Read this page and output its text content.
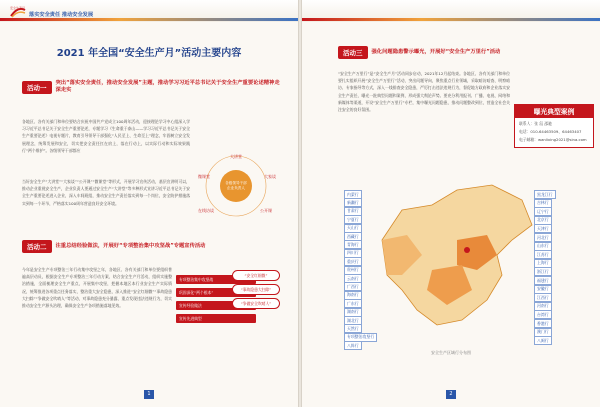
安全生产月
落实安全责任 推动安全发展
2021 年全国“安全生产月”活动主要内容
活动一
突出“落实安全责任，推动安全发展”主题，推动学习习近平总书记关于安全生产重要论述精神走深走实
各地区、各有关部门和单位要结合庆祝中国共产党成立100周年活动，迎接理论学习中心组深入学习习近平总书记关于安全生产重要论述，专题学习《生命重于泰山——学习习近平总书记关于安全生产重要论述》电视专题片，教育引导领导干部强化“人民至上、生命至上”理念，牢固树立安全发展理念，统筹发展和安全，切实把安全责任扛在肩上，落在行动上，以实际行动和实际效果践行“两个维护”。各级领导干部都应
当好安全生产“大讲堂”“大家谈”“公开课”“微课堂”等形式，开展学习宣传活动，基层宣讲明可以，推动企业重视安全生产，企业负责人要通过安全生产“大讲堂”等多种形式宣讲习近平总书记关于安全生产重要论述进入企业，深入车间班组，推动安全生产责任落实到每一个岗位，安全防护措施落实到每一个环节，严格落实100周年营造良好安全环境。
各级领导干部
企业负责人
大讲堂
大家谈
公开课
在线访谈
微课堂
活动二	注重总结经验做法，开展好“专项整治集中攻坚战”专题宣传活动
今年是安全生产专项整治三年行动集中攻坚之年，各地区、各有关部门和单位要组织普遍高层动员，根据安全生产专项整治三年行动方案，结合安全生产月活动，组织实施整治措施，全面梳理安全生产重点，开展集中攻坚，把握本地区本行业安全生产实际情况，统筹推进各项重点任务落实，整治重大安全隐患，深入推进“安全红细微”“事故隐患大扫除”“争做安全吹哨人”等活动，对事故隐患充分暴露，重点发现违法违规行为，切实推动安全生产源头治理，确保安全生产各项措施落地见效。
专项整治集中攻坚战
巩固深化“两个根本”
宣传经验做法
宣传先进典型
“安全红细微”
“事故隐患大扫除”
“争做安全吹哨人”
1
活动三	强化问题隐患警示曝光，开展好“安全生产万里行”活动
“安全生产万里行”是“安全生产月”活动同步启动，2021年12月起结束。各地区、各有关部门和单位要扎实组织开展“安全生产万里行”活动，突出问题导向，聚焦重点行业领域，采取暗访暗查、明察暗访、专家指导等方式，深入一线排查安全隐患，严厉打击违法违规行为，督促地方政府和企业落实安全生产责任，曝光一批典型问题和案例，形成强大舆论声势。要充分利用报刊、广播、电视、网络和新媒体等渠道，开设“安全生产万里行”专栏，集中曝光问题隐患，推动问题整改到位，营造全社会关注安全的良好氛围。	曝光典型案例
联系人：张 氙 邵驰
电话：010-64463509、64463407
电子邮箱：wanlixing2021@sina.com
内蒙行
新疆行
甘肃行
宁夏行
天山行
西藏行
青海行
四川行
重庆行
贵州行
云南行
广西行
海南行
广东行
湖南行
湖北行
天然行
专项整治攻坚行
八阵行
黑龙江行
吉林行
辽宁行
北京行
天津行
河北行
山东行
江苏行
上海行
浙江行
福建行
安徽行
江西行
河南行
台湾行
香港行
澳门行
八闽行
安全生产区域行分布图
2
